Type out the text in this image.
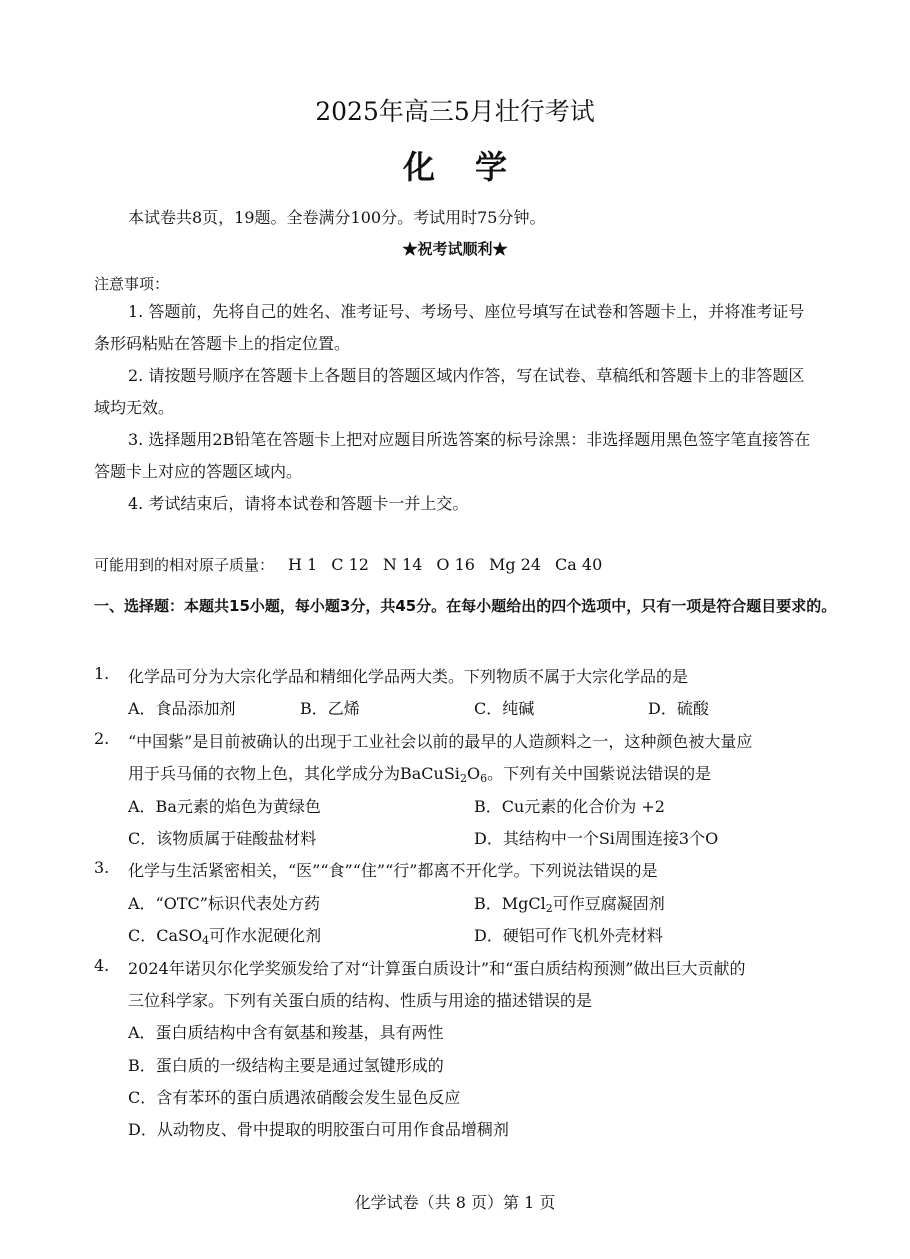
2025年高三5月壮行考试
化学
本试卷共8页，19题。全卷满分100分。考试用时75分钟。
★祝考试顺利★
注意事项：
1. 答题前，先将自己的姓名、准考证号、考场号、座位号填写在试卷和答题卡上，并将准考证号条形码粘贴在答题卡上的指定位置。
2. 请按题号顺序在答题卡上各题目的答题区域内作答，写在试卷、草稿纸和答题卡上的非答题区域均无效。
3. 选择题用2B铅笔在答题卡上把对应题目所选答案的标号涂黑：非选择题用黑色签字笔直接答在答题卡上对应的答题区域内。
4. 考试结束后，请将本试卷和答题卡一并上交。
可能用到的相对原子质量： H 1 C 12 N 14 O 16 Mg 24 Ca 40
一、选择题：本题共15小题，每小题3分，共45分。在每小题给出的四个选项中，只有一项是符合题目要求的。
1. 化学品可分为大宗化学品和精细化学品两大类。下列物质不属于大宗化学品的是
A．食品添加剂	B．乙烯	C．纯碱	D．硫酸
2. “中国紫”是目前被确认的出现于工业社会以前的最早的人造颜料之一，这种颜色被大量应
用于兵马俑的衣物上色，其化学成分为$BaCuSi_2O_6$。下列有关中国紫说法错误的是
A．Ba元素的焰色为黄绿色	B．Cu元素的化合价为 +2
C．该物质属于硅酸盐材料	D．其结构中一个Si周围连接3个O
3. 化学与生活紧密相关，“医”“食”“住”“行”都离不开化学。下列说法错误的是
A．“OTC”标识代表处方药	B．MgCl$_2$可作豆腐凝固剂
C．CaSO$_4$可作水泥硬化剂	D．硬铝可作飞机外壳材料
4. 2024年诺贝尔化学奖颁发给了对“计算蛋白质设计”和“蛋白质结构预测”做出巨大贡献的
三位科学家。下列有关蛋白质的结构、性质与用途的描述错误的是
A．蛋白质结构中含有氨基和羧基，具有两性
B．蛋白质的一级结构主要是通过氢键形成的
C．含有苯环的蛋白质遇浓硝酸会发生显色反应
D．从动物皮、骨中提取的明胶蛋白可用作食品增稠剂
化学试卷（共 8 页）第 1 页
